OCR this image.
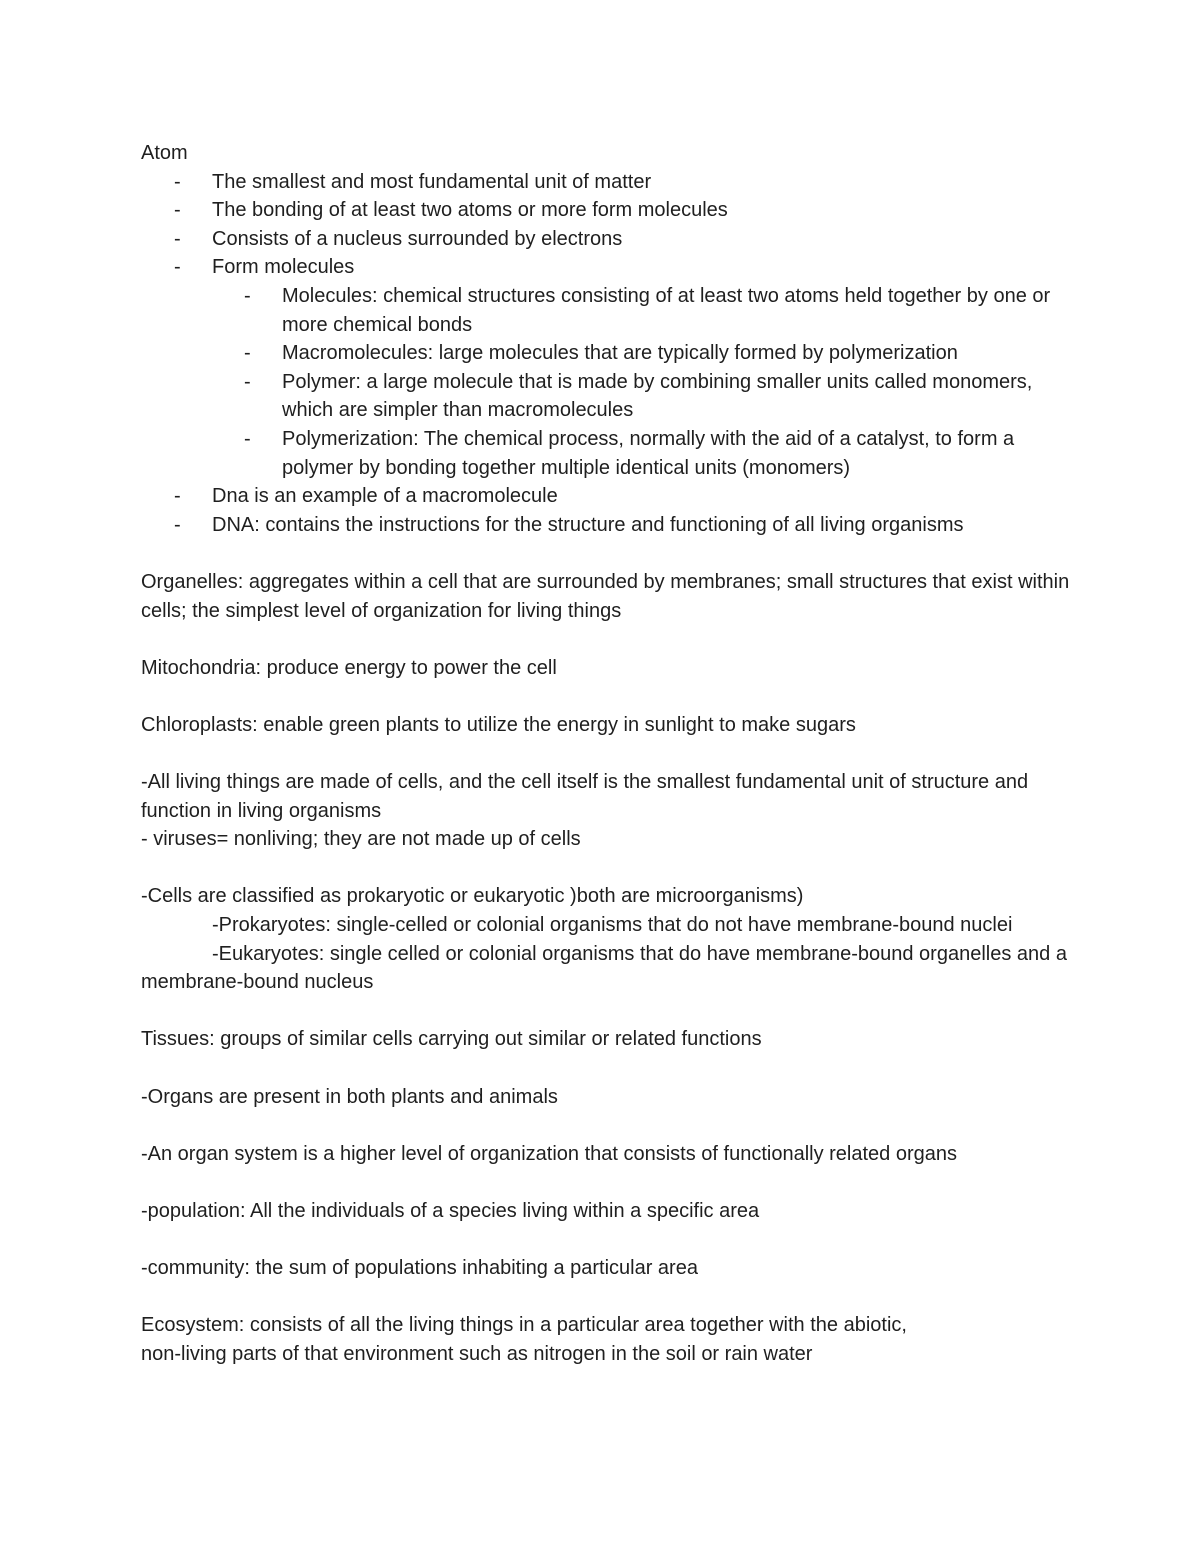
Atom

- The smallest and most fundamental unit of matter
- The bonding of at least two atoms or more form molecules
- Consists of a nucleus surrounded by electrons
- Form molecules
- Molecules: chemical structures consisting of at least two atoms held together by one or more chemical bonds
- Macromolecules: large molecules that are typically formed by polymerization
- Polymer: a large molecule that is made by combining smaller units called monomers, which are simpler than macromolecules
- Polymerization: The chemical process, normally with the aid of a catalyst, to form a polymer by bonding together multiple identical units (monomers)
- Dna is an example of a macromolecule
- DNA: contains the instructions for the structure and functioning of all living organisms

Organelles: aggregates within a cell that are surrounded by membranes; small structures that exist within cells; the simplest level of organization for living things

Mitochondria: produce energy to power the cell

Chloroplasts: enable green plants to utilize the energy in sunlight to make sugars

-All living things are made of cells, and the cell itself is the smallest fundamental unit of structure and function in living organisms

- viruses= nonliving; they are not made up of cells

-Cells are classified as prokaryotic or eukaryotic )both are microorganisms)

-Prokaryotes: single-celled or colonial organisms that do not have membrane-bound nuclei

-Eukaryotes: single celled or colonial organisms that do have membrane-bound organelles and a membrane-bound nucleus

Tissues: groups of similar cells carrying out similar or related functions

-Organs are present in both plants and animals

-An organ system is a higher level of organization that consists of functionally related organs

-population: All the individuals of a species living within a specific area

-community: the sum of populations inhabiting a particular area

Ecosystem: consists of all the living things in a particular area together with the abiotic,

non-living parts of that environment such as nitrogen in the soil or rain water
